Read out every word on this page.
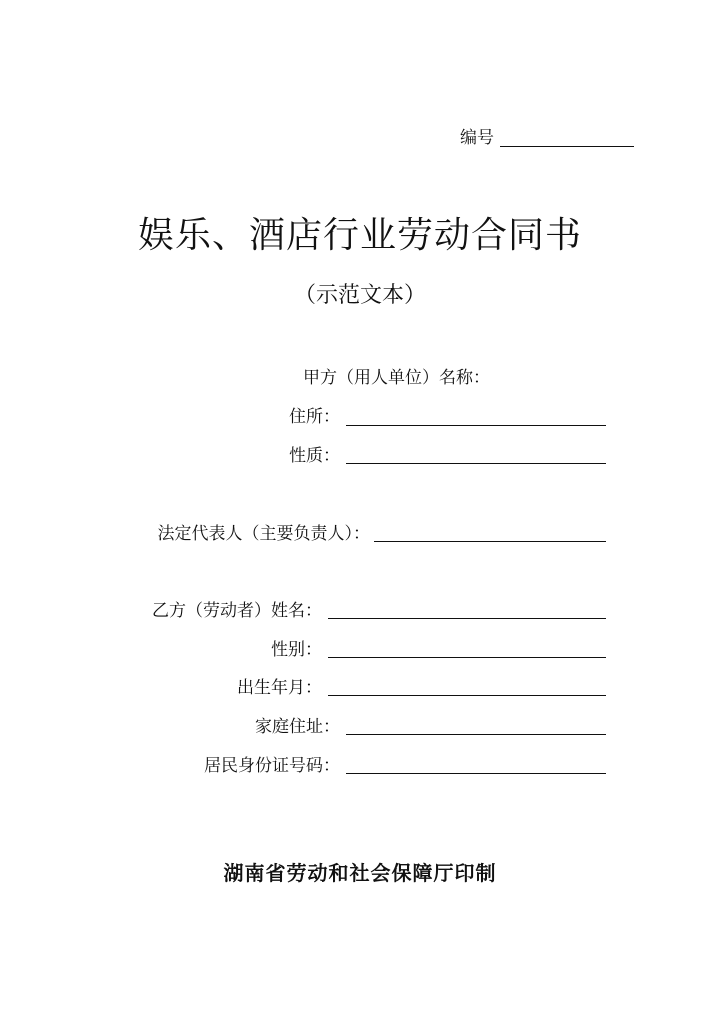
编号
娱乐、酒店行业劳动合同书
（示范文本）
甲方（用人单位）名称：
住所：
性质：
法定代表人（主要负责人）：
乙方（劳动者）姓名：
性别：
出生年月：
家庭住址：
居民身份证号码：
湖南省劳动和社会保障厅印制
